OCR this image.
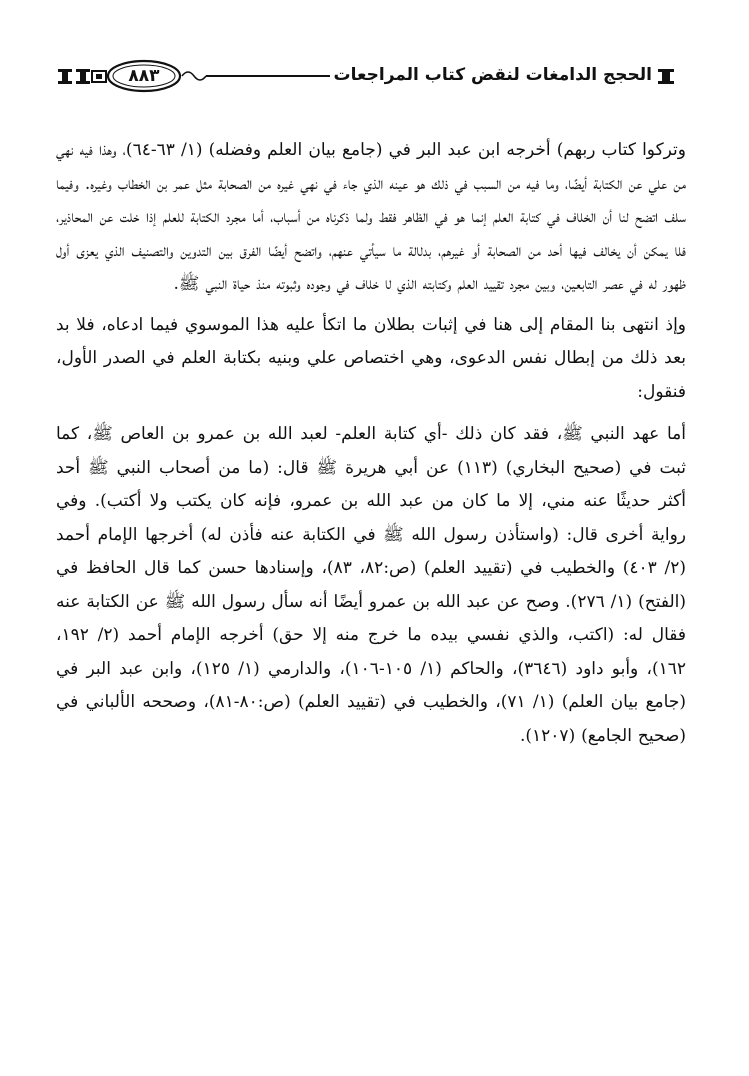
٨٨٣	الحجج الدامغات لنقض كتاب المراجعات

وتركوا كتاب ربهم) أخرجه ابن عبد البر في (جامع بيان العلم وفضله) (١/ ٦٣-٦٤)، وهذا فيه نهي من علي عن الكتابة أيضًا، وما فيه من السبب في ذلك هو عينه الذي جاء في نهي غيره من الصحابة مثل عمر بن الخطاب وغيره. وفيما سلف اتضح لنا أن الخلاف في كتابة العلم إنما هو في الظاهر فقط ولما ذكرناه من أسباب، أما مجرد الكتابة للعلم إذا خلت عن المحاذير، فلا يمكن أن يخالف فيها أحد من الصحابة أو غيرهم، بدلالة ما سيأتي عنهم، واتضح أيضًا الفرق بين التدوين والتصنيف الذي يعزى أول ظهور له في عصر التابعين، وبين مجرد تقييد العلم وكتابته الذي لا خلاف في وجوده وثبوته منذ حياة النبي ﷺ.

وإذ انتهى بنا المقام إلى هنا في إثبات بطلان ما اتكأ عليه هذا الموسوي فيما ادعاه، فلا بد بعد ذلك من إبطال نفس الدعوى، وهي اختصاص علي وبنيه بكتابة العلم في الصدر الأول، فنقول:

أما عهد النبي ﷺ، فقد كان ذلك -أي كتابة العلم- لعبد الله بن عمرو بن العاص ﷺ، كما ثبت في (صحيح البخاري) (١١٣) عن أبي هريرة ﷺ قال: (ما من أصحاب النبي ﷺ أحد أكثر حديثًا عنه مني، إلا ما كان من عبد الله بن عمرو، فإنه كان يكتب ولا أكتب). وفي رواية أخرى قال: (واستأذن رسول الله ﷺ في الكتابة عنه فأذن له) أخرجها الإمام أحمد (٢/ ٤٠٣) والخطيب في (تقييد العلم) (ص:٨٢، ٨٣)، وإسنادها حسن كما قال الحافظ في (الفتح) (١/ ٢٧٦). وصح عن عبد الله بن عمرو أيضًا أنه سأل رسول الله ﷺ عن الكتابة عنه فقال له: (اكتب، والذي نفسي بيده ما خرج منه إلا حق) أخرجه الإمام أحمد (٢/ ١٩٢، ١٦٢)، وأبو داود (٣٦٤٦)، والحاكم (١/ ١٠٥-١٠٦)، والدارمي (١/ ١٢٥)، وابن عبد البر في (جامع بيان العلم) (١/ ٧١)، والخطيب في (تقييد العلم) (ص:٨٠-٨١)، وصححه الألباني في (صحيح الجامع) (١٢٠٧).
